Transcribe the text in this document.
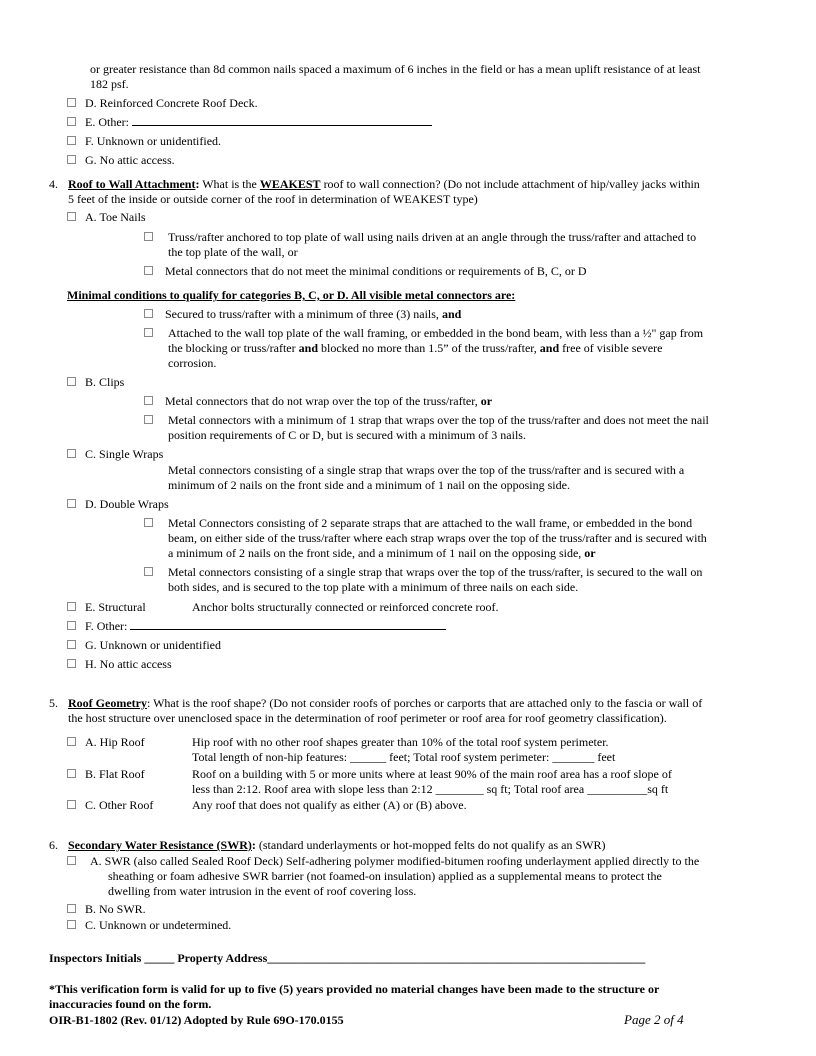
or greater resistance than 8d common nails spaced a maximum of 6 inches in the field or has a mean uplift resistance of at least
182 psf.
D. Reinforced Concrete Roof Deck.
E. Other:
F. Unknown or unidentified.
G. No attic access.
4. Roof to Wall Attachment: What is the WEAKEST roof to wall connection? (Do not include attachment of hip/valley jacks within
5 feet of the inside or outside corner of the roof in determination of WEAKEST type)
A. Toe Nails
Truss/rafter anchored to top plate of wall using nails driven at an angle through the truss/rafter and attached to
the top plate of the wall, or
Metal connectors that do not meet the minimal conditions or requirements of B, C, or D
Minimal conditions to qualify for categories B, C, or D. All visible metal connectors are:
Secured to truss/rafter with a minimum of three (3) nails, and
Attached to the wall top plate of the wall framing, or embedded in the bond beam, with less than a ½" gap from
the blocking or truss/rafter and blocked no more than 1.5” of the truss/rafter, and free of visible severe
corrosion.
B. Clips
Metal connectors that do not wrap over the top of the truss/rafter, or
Metal connectors with a minimum of 1 strap that wraps over the top of the truss/rafter and does not meet the nail
position requirements of C or D, but is secured with a minimum of 3 nails.
C. Single Wraps
Metal connectors consisting of a single strap that wraps over the top of the truss/rafter and is secured with a
minimum of 2 nails on the front side and a minimum of 1 nail on the opposing side.
D. Double Wraps
Metal Connectors consisting of 2 separate straps that are attached to the wall frame, or embedded in the bond
beam, on either side of the truss/rafter where each strap wraps over the top of the truss/rafter and is secured with
a minimum of 2 nails on the front side, and a minimum of 1 nail on the opposing side, or
Metal connectors consisting of a single strap that wraps over the top of the truss/rafter, is secured to the wall on
both sides, and is secured to the top plate with a minimum of three nails on each side.
E. Structural	Anchor bolts structurally connected or reinforced concrete roof.
F. Other:
G. Unknown or unidentified
H. No attic access
5. Roof Geometry: What is the roof shape? (Do not consider roofs of porches or carports that are attached only to the fascia or wall of
the host structure over unenclosed space in the determination of roof perimeter or roof area for roof geometry classification).
A. Hip Roof	Hip roof with no other roof shapes greater than 10% of the total roof system perimeter.
Total length of non-hip features: ______ feet; Total roof system perimeter: _______ feet
B. Flat Roof	Roof on a building with 5 or more units where at least 90% of the main roof area has a roof slope of
less than 2:12. Roof area with slope less than 2:12 ________ sq ft; Total roof area __________sq ft
C. Other Roof	Any roof that does not qualify as either (A) or (B) above.
6. Secondary Water Resistance (SWR): (standard underlayments or hot-mopped felts do not qualify as an SWR)
A. SWR (also called Sealed Roof Deck) Self-adhering polymer modified-bitumen roofing underlayment applied directly to the
sheathing or foam adhesive SWR barrier (not foamed-on insulation) applied as a supplemental means to protect the
dwelling from water intrusion in the event of roof covering loss.
B. No SWR.
C. Unknown or undetermined.
Inspectors Initials _____ Property Address_______________________________________________________________
*This verification form is valid for up to five (5) years provided no material changes have been made to the structure or
inaccuracies found on the form.
OIR-B1-1802 (Rev. 01/12) Adopted by Rule 69O-170.0155	Page 2 of 4
